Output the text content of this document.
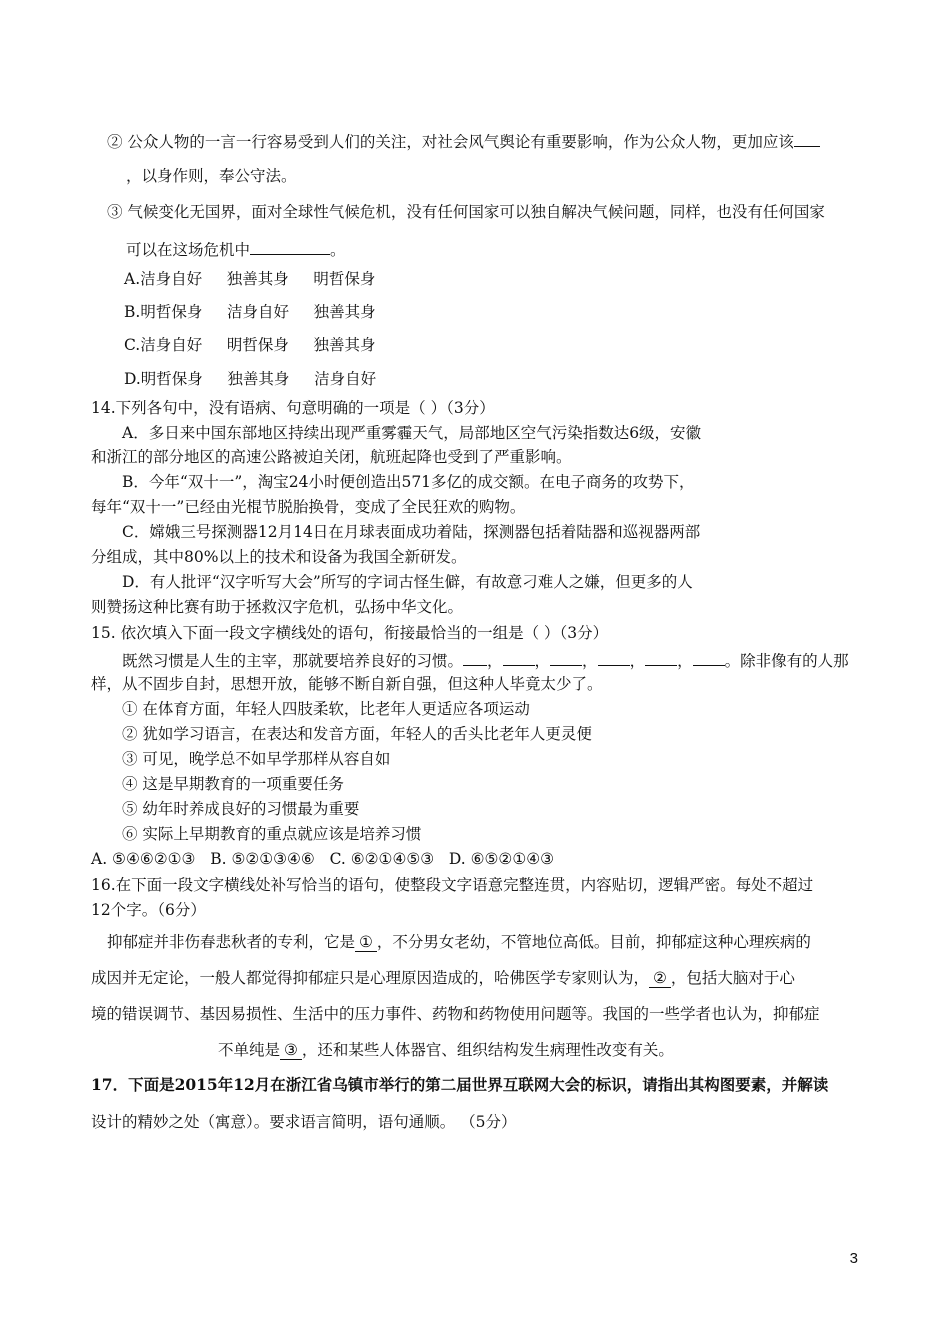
② 公众人物的一言一行容易受到人们的关注，对社会风气舆论有重要影响，作为公众人物，更加应该
，以身作则，奉公守法。
③ 气候变化无国界，面对全球性气候危机，没有任何国家可以独自解决气候问题，同样，也没有任何国家
可以在这场危机中	。
A.洁身自好     独善其身     明哲保身
B.明哲保身     洁身自好     独善其身
C.洁身自好     明哲保身     独善其身
D.明哲保身     独善其身     洁身自好
14.下列各句中，没有语病、句意明确的一项是（ ）（3分）
A．多日来中国东部地区持续出现严重雾霾天气，局部地区空气污染指数达6级，安徽
和浙江的部分地区的高速公路被迫关闭，航班起降也受到了严重影响。
B．今年“双十一”，淘宝24小时便创造出571多亿的成交额。在电子商务的攻势下，
每年“双十一”已经由光棍节脱胎换骨，变成了全民狂欢的购物。
C．嫦娥三号探测器12月14日在月球表面成功着陆，探测器包括着陆器和巡视器两部
分组成，其中80%以上的技术和设备为我国全新研发。
D．有人批评“汉字听写大会”所写的字词古怪生僻，有故意刁难人之嫌，但更多的人
则赞扬这种比赛有助于拯救汉字危机，弘扬中华文化。
15. 依次填入下面一段文字横线处的语句，衔接最恰当的一组是（ ）（3分）
既然习惯是人生的主宰，那就要培养良好的习惯。 ， ， ， ， ， 。除非像有的人那
样，从不固步自封，思想开放，能够不断自新自强，但这种人毕竟太少了。
① 在体育方面，年轻人四肢柔软，比老年人更适应各项运动
② 犹如学习语言，在表达和发音方面，年轻人的舌头比老年人更灵便
③ 可见，晚学总不如早学那样从容自如
④ 这是早期教育的一项重要任务
⑤ 幼年时养成良好的习惯最为重要
⑥ 实际上早期教育的重点就应该是培养习惯
A. ⑤④⑥②①③   B. ⑤②①③④⑥   C. ⑥②①④⑤③   D. ⑥⑤②①④③
16.在下面一段文字横线处补写恰当的语句，使整段文字语意完整连贯，内容贴切，逻辑严密。每处不超过
12个字。（6分）
抑郁症并非伤春悲秋者的专利，它是 ① ，不分男女老幼，不管地位高低。目前，抑郁症这种心理疾病的
成因并无定论，一般人都觉得抑郁症只是心理原因造成的，哈佛医学专家则认为， ② ，包括大脑对于心
境的错误调节、基因易损性、生活中的压力事件、药物和药物使用问题等。我国的一些学者也认为，抑郁症
不单纯是 ③ ，还和某些人体器官、组织结构发生病理性改变有关。
17．下面是2015年12月在浙江省乌镇市举行的第二届世界互联网大会的标识，请指出其构图要素，并解读
设计的精妙之处（寓意）。要求语言简明，语句通顺。 （5分）
3
